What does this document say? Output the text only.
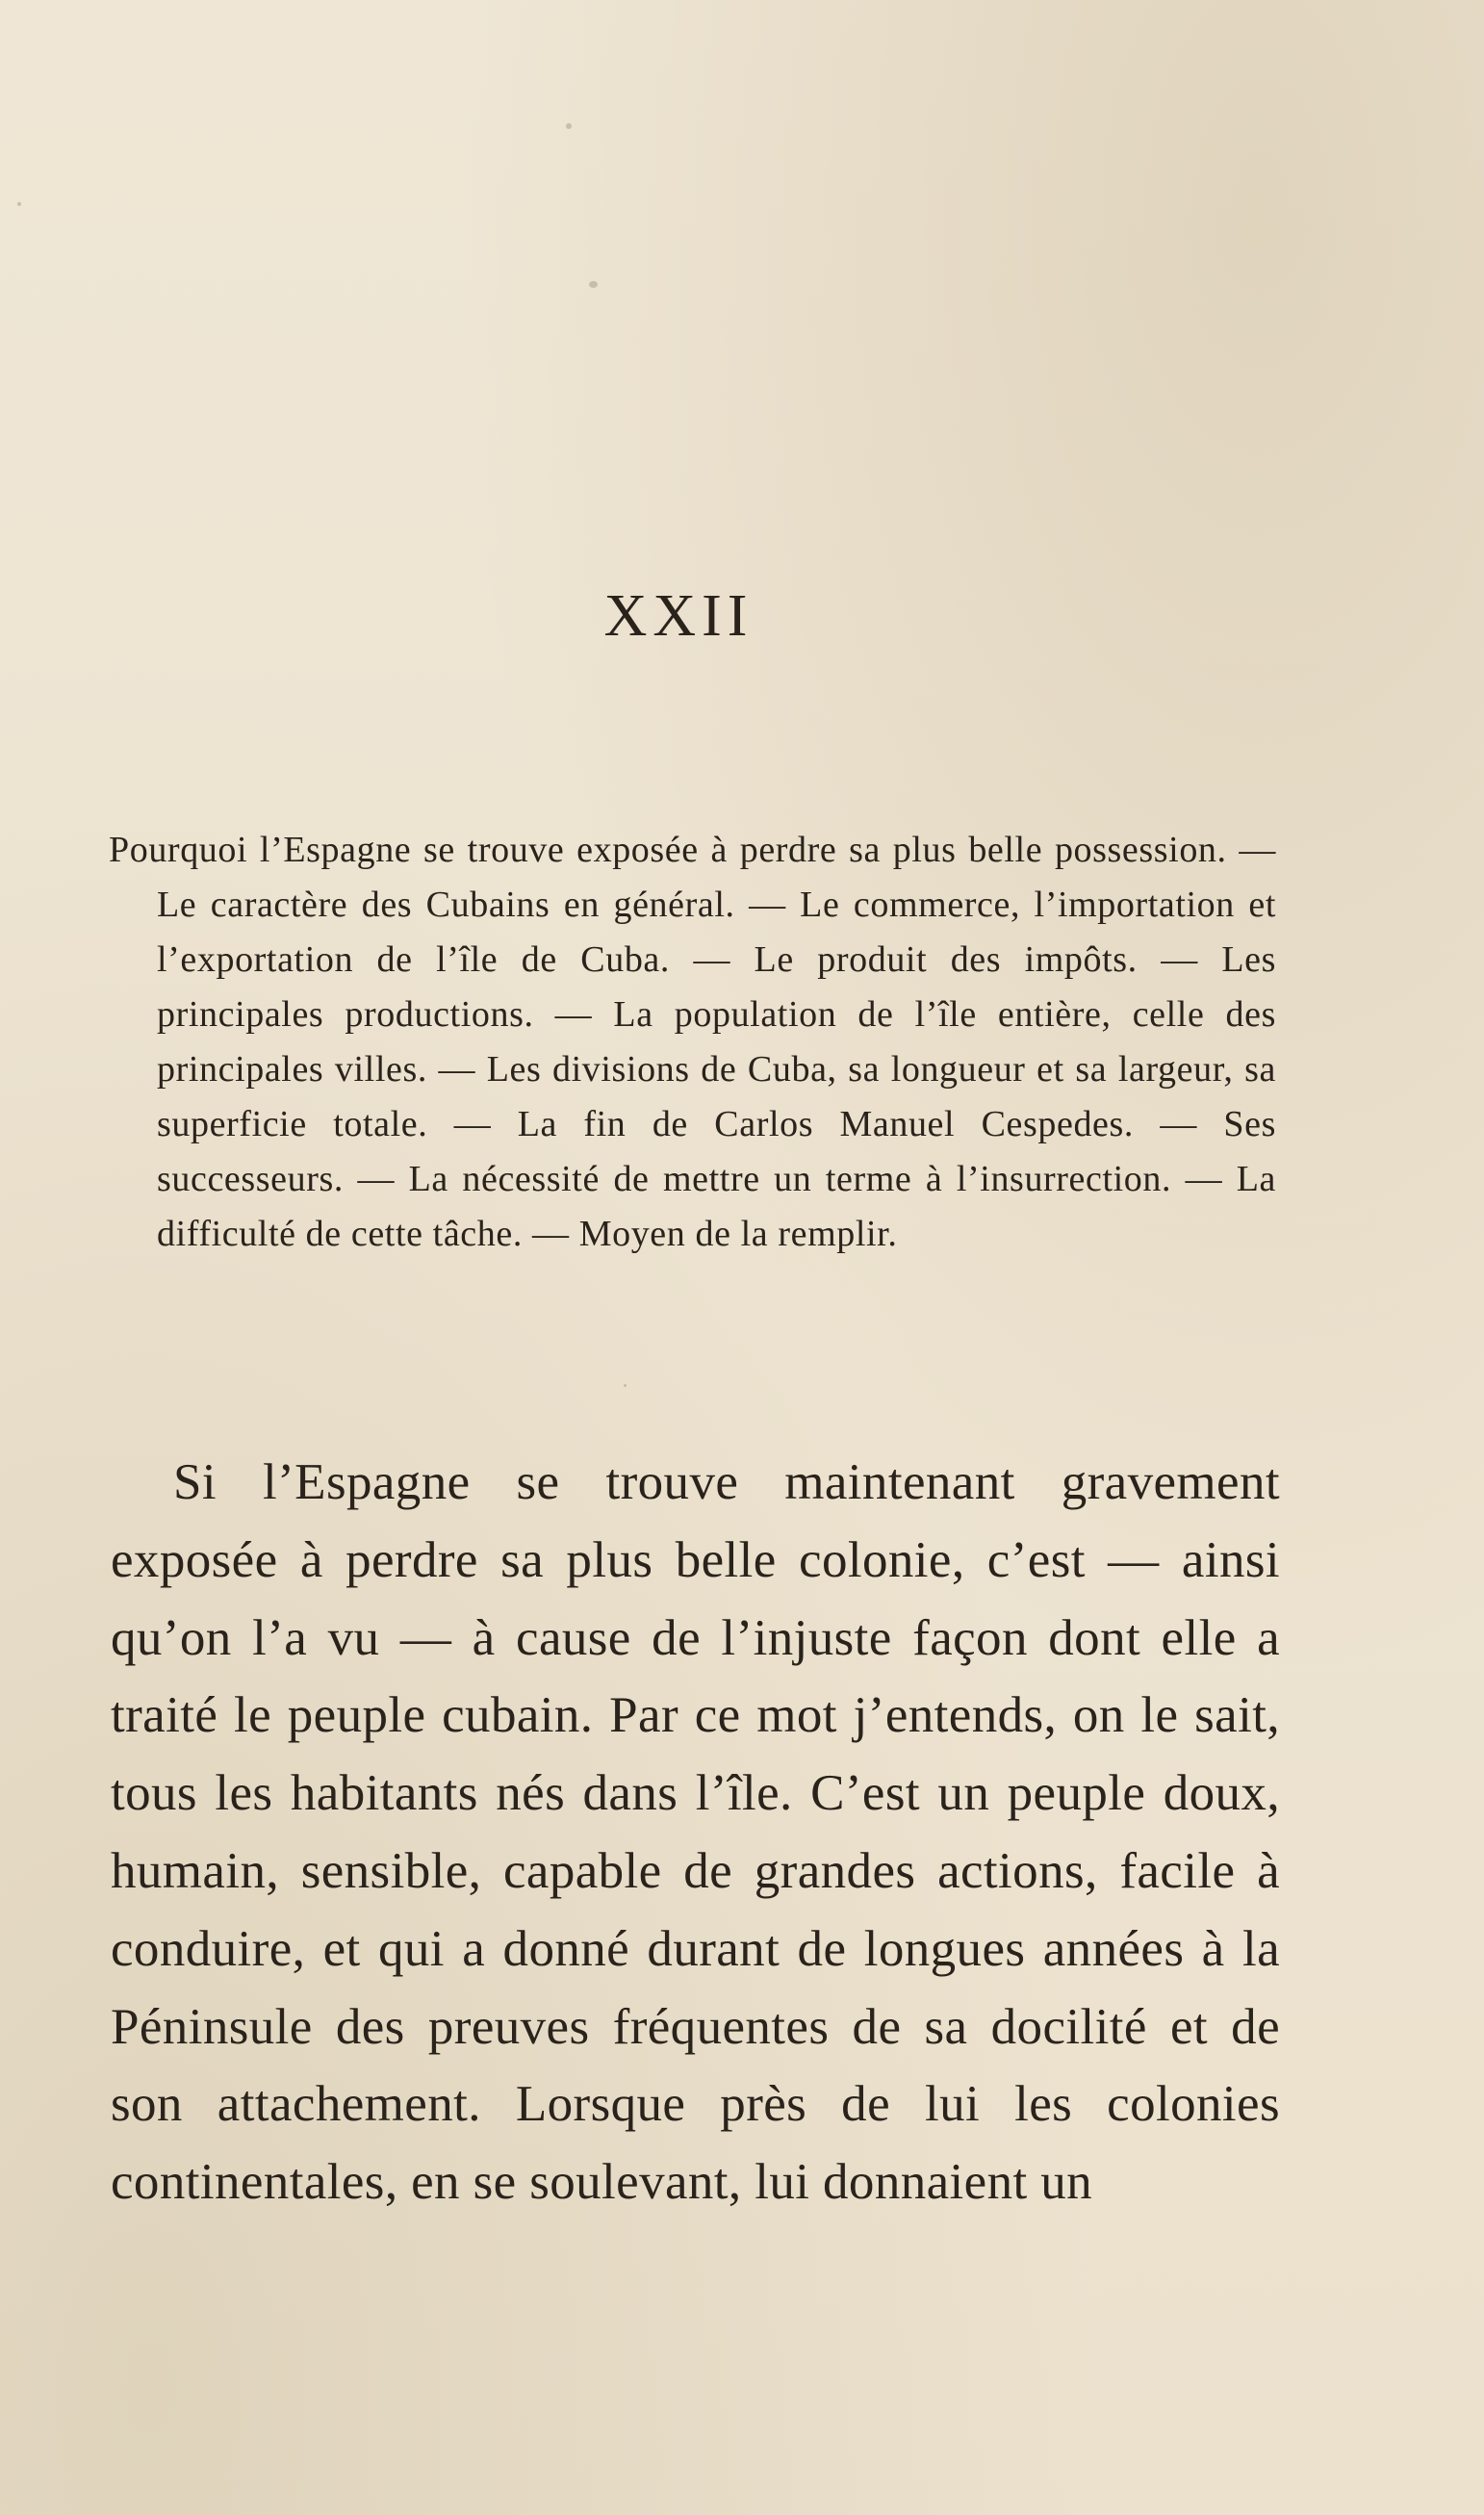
XXII

Pourquoi l’Espagne se trouve exposée à perdre sa plus belle possession. — Le caractère des Cubains en général. — Le commerce, l’importation et l’exportation de l’île de Cuba. — Le produit des impôts. — Les principales productions. — La population de l’île entière, celle des principales villes. — Les divisions de Cuba, sa longueur et sa largeur, sa superficie totale. — La fin de Carlos Manuel Cespedes. — Ses successeurs. — La nécessité de mettre un terme à l’insurrection. — La difficulté de cette tâche. — Moyen de la remplir.

Si l’Espagne se trouve maintenant gravement exposée à perdre sa plus belle colonie, c’est — ainsi qu’on l’a vu — à cause de l’injuste façon dont elle a traité le peuple cubain. Par ce mot j’entends, on le sait, tous les habitants nés dans l’île. C’est un peuple doux, humain, sensible, capable de grandes actions, facile à conduire, et qui a donné durant de longues années à la Péninsule des preuves fréquentes de sa docilité et de son attachement. Lorsque près de lui les colonies continentales, en se soulevant, lui donnaient un
